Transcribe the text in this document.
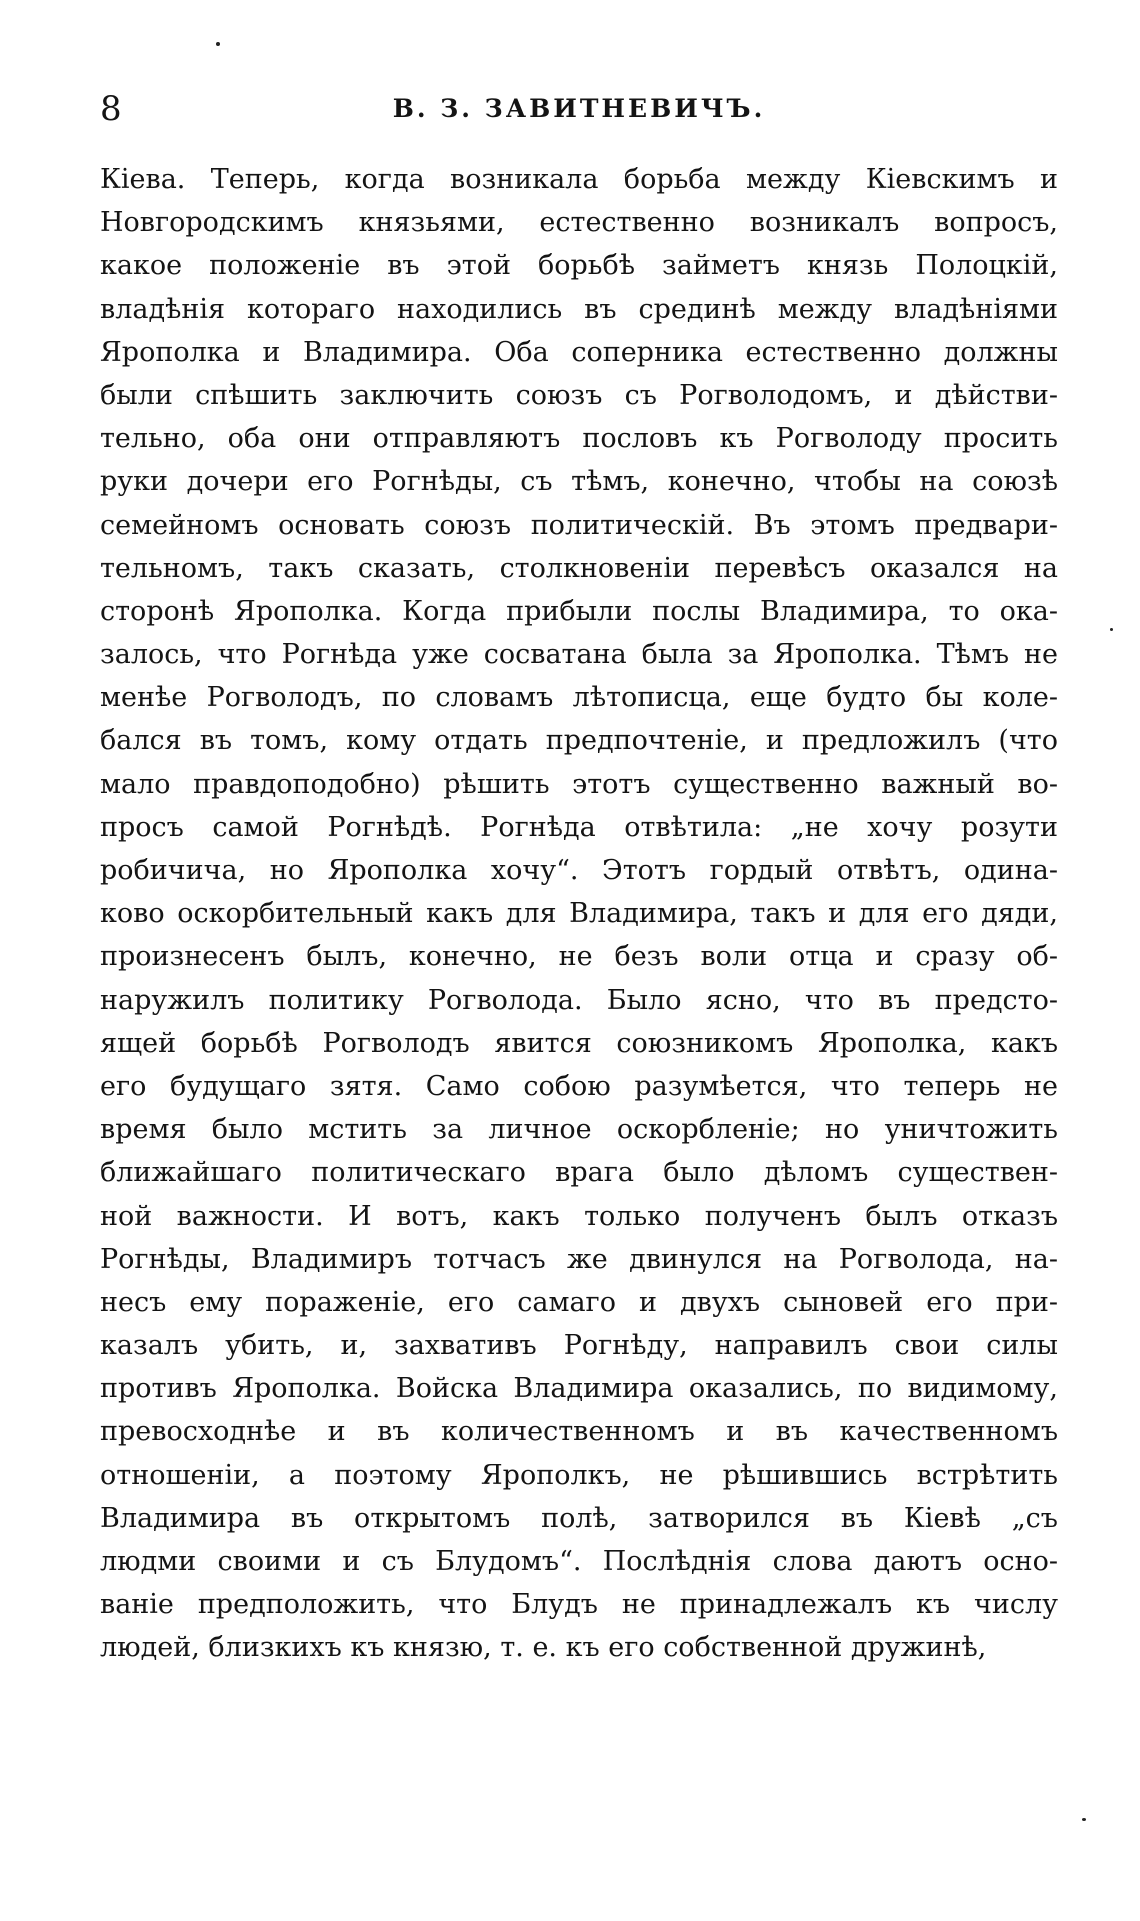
8	В. З. ЗАВИТНЕВИЧЪ.
Кіева. Теперь, когда возникала борьба между Кіевскимъ и
Новгородскимъ князьями, естественно возникалъ вопросъ,
какое положеніе въ этой борьбѣ займетъ князь Полоцкій,
владѣнія котораго находились въ срединѣ между владѣніями
Ярополка и Владимира. Оба соперника естественно должны
были спѣшить заключить союзъ съ Рогволодомъ, и дѣйстви-
тельно, оба они отправляютъ пословъ къ Рогволоду просить
руки дочери его Рогнѣды, съ тѣмъ, конечно, чтобы на союзѣ
семейномъ основать союзъ политическій. Въ этомъ предвари-
тельномъ, такъ сказать, столкновеніи перевѣсъ оказался на
сторонѣ Ярополка. Когда прибыли послы Владимира, то ока-
залось, что Рогнѣда уже сосватана была за Ярополка. Тѣмъ не
менѣе Рогволодъ, по словамъ лѣтописца, еще будто бы коле-
бался въ томъ, кому отдать предпочтеніе, и предложилъ (что
мало правдоподобно) рѣшить этотъ существенно важный во-
просъ самой Рогнѣдѣ. Рогнѣда отвѣтила: „не хочу розути
робичича, но Ярополка хочу“. Этотъ гордый отвѣтъ, одина-
ково оскорбительный какъ для Владимира, такъ и для его дяди,
произнесенъ былъ, конечно, не безъ воли отца и сразу об-
наружилъ политику Рогволода. Было ясно, что въ предсто-
ящей борьбѣ Рогволодъ явится союзникомъ Ярополка, какъ
его будущаго зятя. Само собою разумѣется, что теперь не
время было мстить за личное оскорбленіе; но уничтожить
ближайшаго политическаго врага было дѣломъ существен-
ной важности. И вотъ, какъ только полученъ былъ отказъ
Рогнѣды, Владимиръ тотчасъ же двинулся на Рогволода, на-
несъ ему пораженіе, его самаго и двухъ сыновей его при-
казалъ убить, и, захвативъ Рогнѣду, направилъ свои силы
противъ Ярополка. Войска Владимира оказались, по видимому,
превосходнѣе и въ количественномъ и въ качественномъ
отношеніи, а поэтому Ярополкъ, не рѣшившись встрѣтить
Владимира въ открытомъ полѣ, затворился въ Кіевѣ „съ
людми своими и съ Блудомъ“. Послѣднія слова даютъ осно-
ваніе предположить, что Блудъ не принадлежалъ къ числу
людей, близкихъ къ князю, т. е. къ его собственной дружинѣ,
